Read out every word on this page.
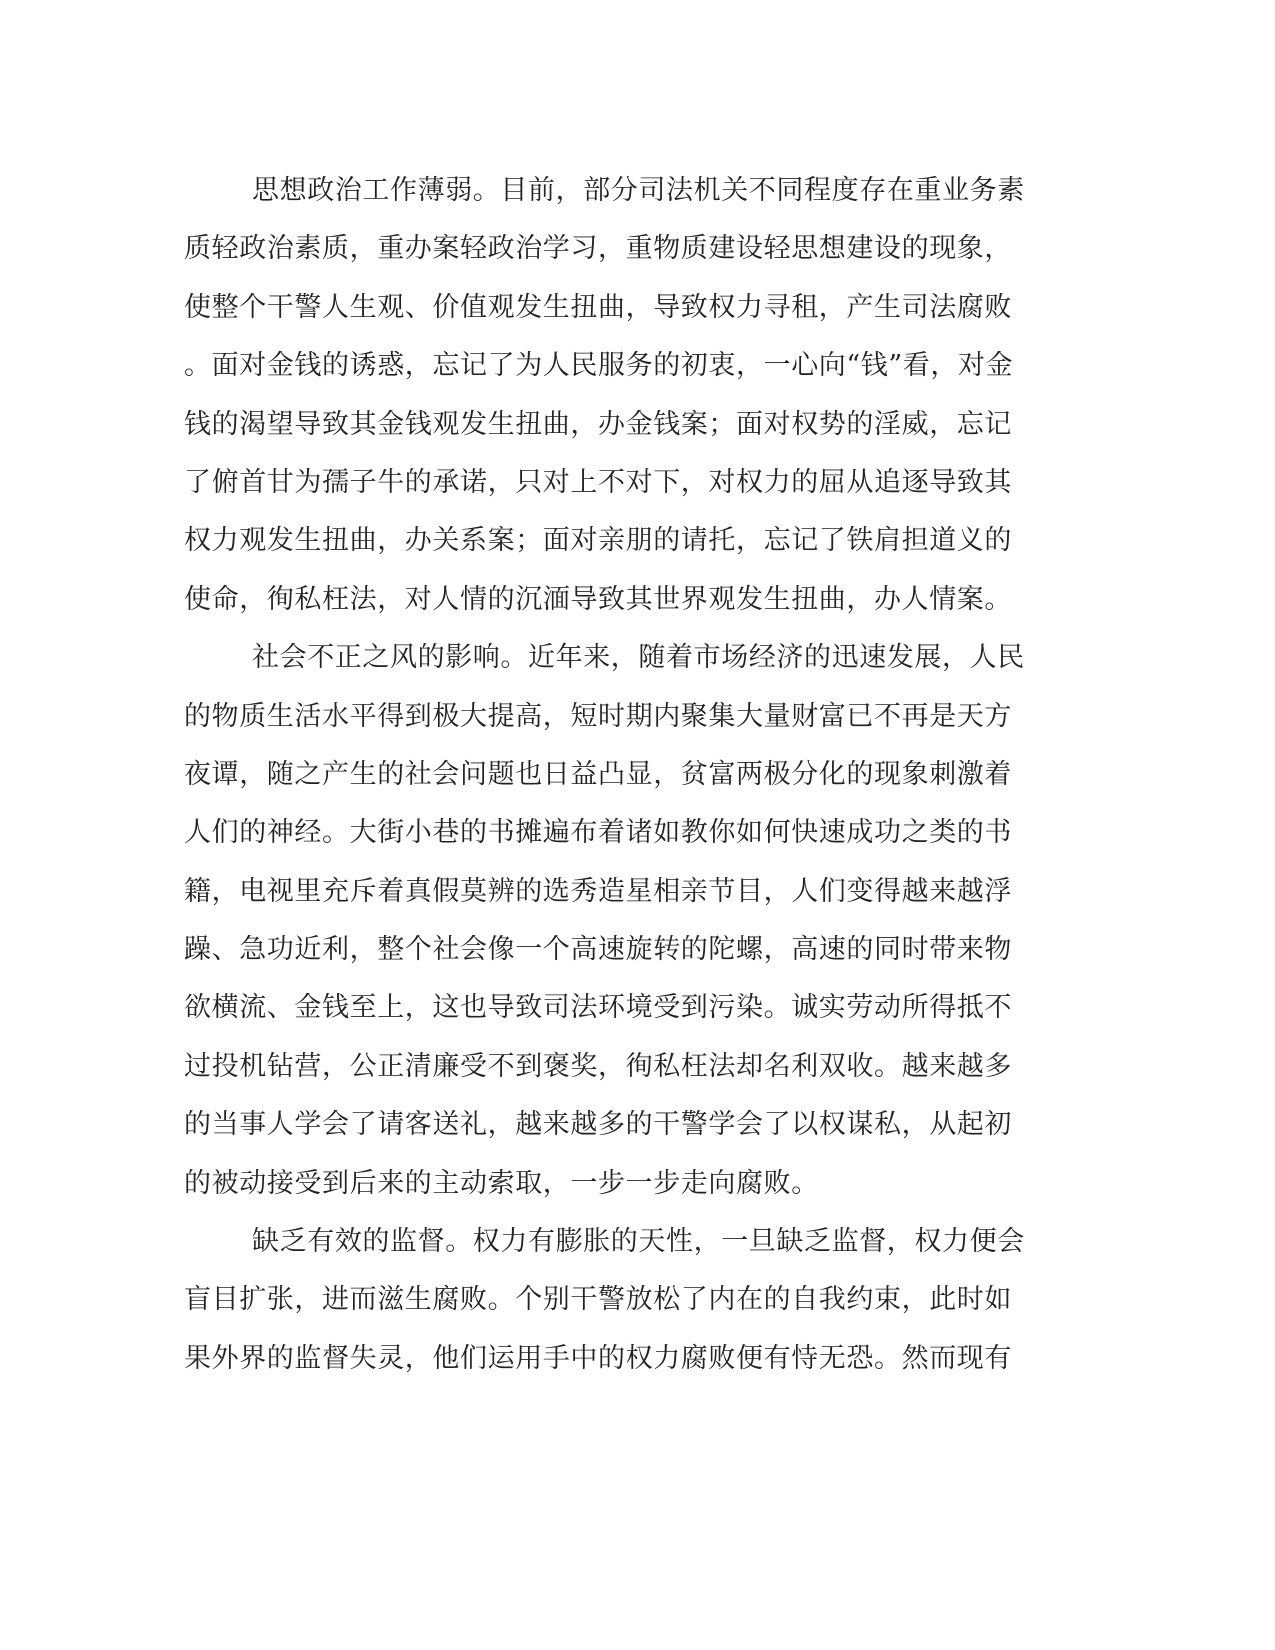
思想政治工作薄弱。目前，部分司法机关不同程度存在重业务素
质轻政治素质，重办案轻政治学习，重物质建设轻思想建设的现象，
使整个干警人生观、价值观发生扭曲，导致权力寻租，产生司法腐败
。面对金钱的诱惑，忘记了为人民服务的初衷，一心向“钱”看，对金
钱的渴望导致其金钱观发生扭曲，办金钱案；面对权势的淫威，忘记
了俯首甘为孺子牛的承诺，只对上不对下，对权力的屈从追逐导致其
权力观发生扭曲，办关系案；面对亲朋的请托，忘记了铁肩担道义的
使命，徇私枉法，对人情的沉湎导致其世界观发生扭曲，办人情案。
社会不正之风的影响。近年来，随着市场经济的迅速发展，人民
的物质生活水平得到极大提高，短时期内聚集大量财富已不再是天方
夜谭，随之产生的社会问题也日益凸显，贫富两极分化的现象刺激着
人们的神经。大街小巷的书摊遍布着诸如教你如何快速成功之类的书
籍，电视里充斥着真假莫辨的选秀造星相亲节目，人们变得越来越浮
躁、急功近利，整个社会像一个高速旋转的陀螺，高速的同时带来物
欲横流、金钱至上，这也导致司法环境受到污染。诚实劳动所得抵不
过投机钻营，公正清廉受不到褒奖，徇私枉法却名利双收。越来越多
的当事人学会了请客送礼，越来越多的干警学会了以权谋私，从起初
的被动接受到后来的主动索取，一步一步走向腐败。
缺乏有效的监督。权力有膨胀的天性，一旦缺乏监督，权力便会
盲目扩张，进而滋生腐败。个别干警放松了内在的自我约束，此时如
果外界的监督失灵，他们运用手中的权力腐败便有恃无恐。然而现有
